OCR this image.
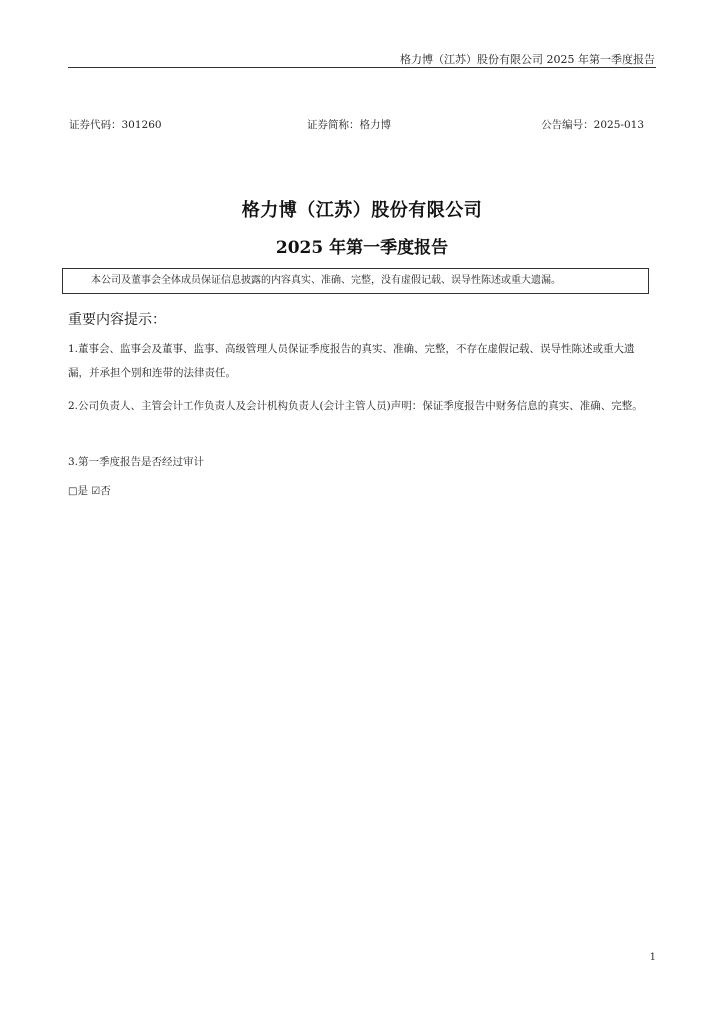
格力博（江苏）股份有限公司 2025 年第一季度报告
证券代码：301260	证券简称：格力博	公告编号：2025-013
格力博（江苏）股份有限公司
2025 年第一季度报告
本公司及董事会全体成员保证信息披露的内容真实、准确、完整，没有虚假记载、误导性陈述或重大遗漏。
重要内容提示：
1.董事会、监事会及董事、监事、高级管理人员保证季度报告的真实、准确、完整，不存在虚假记载、误导性陈述或重大遗漏，并承担个别和连带的法律责任。
2.公司负责人、主管会计工作负责人及会计机构负责人(会计主管人员)声明：保证季度报告中财务信息的真实、准确、完整。
3.第一季度报告是否经过审计
□是 ☑否
1
